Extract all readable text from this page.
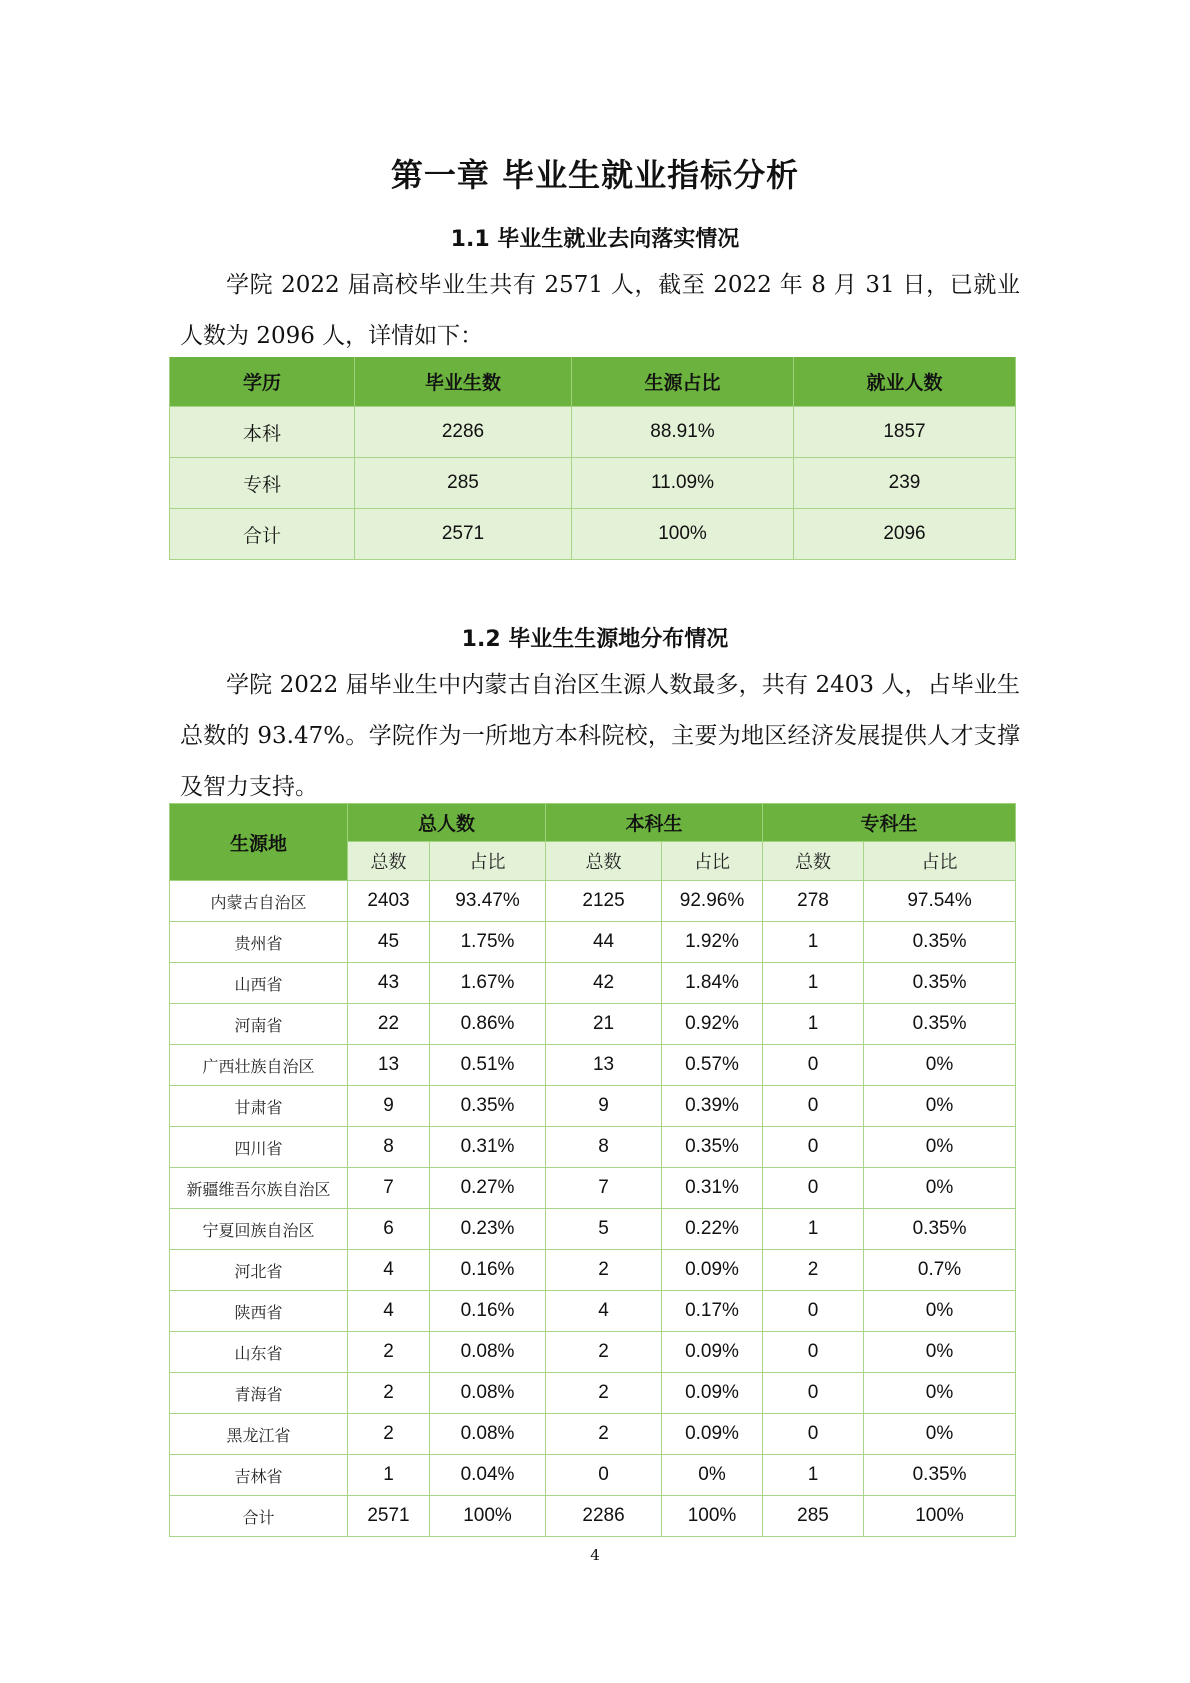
第一章 毕业生就业指标分析
1.1 毕业生就业去向落实情况

学院 2022 届高校毕业生共有 2571 人，截至 2022 年 8 月 31 日，已就业人数为 2096 人，详情如下：

学历	毕业生数	生源占比	就业人数
本科	2286	88.91%	1857
专科	285	11.09%	239
合计	2571	100%	2096
1.2 毕业生生源地分布情况

学院 2022 届毕业生中内蒙古自治区生源人数最多，共有 2403 人，占毕业生总数的 93.47%。学院作为一所地方本科院校，主要为地区经济发展提供人才支撑及智力支持。

生源地	总人数		本科生		专科生	
	总数	占比	总数	占比	总数	占比
内蒙古自治区	2403	93.47%	2125	92.96%	278	97.54%
贵州省	45	1.75%	44	1.92%	1	0.35%
山西省	43	1.67%	42	1.84%	1	0.35%
河南省	22	0.86%	21	0.92%	1	0.35%
广西壮族自治区	13	0.51%	13	0.57%	0	0%
甘肃省	9	0.35%	9	0.39%	0	0%
四川省	8	0.31%	8	0.35%	0	0%
新疆维吾尔族自治区	7	0.27%	7	0.31%	0	0%
宁夏回族自治区	6	0.23%	5	0.22%	1	0.35%
河北省	4	0.16%	2	0.09%	2	0.7%
陕西省	4	0.16%	4	0.17%	0	0%
山东省	2	0.08%	2	0.09%	0	0%
青海省	2	0.08%	2	0.09%	0	0%
黑龙江省	2	0.08%	2	0.09%	0	0%
吉林省	1	0.04%	0	0%	1	0.35%
合计	2571	100%	2286	100%	285	100%
4
